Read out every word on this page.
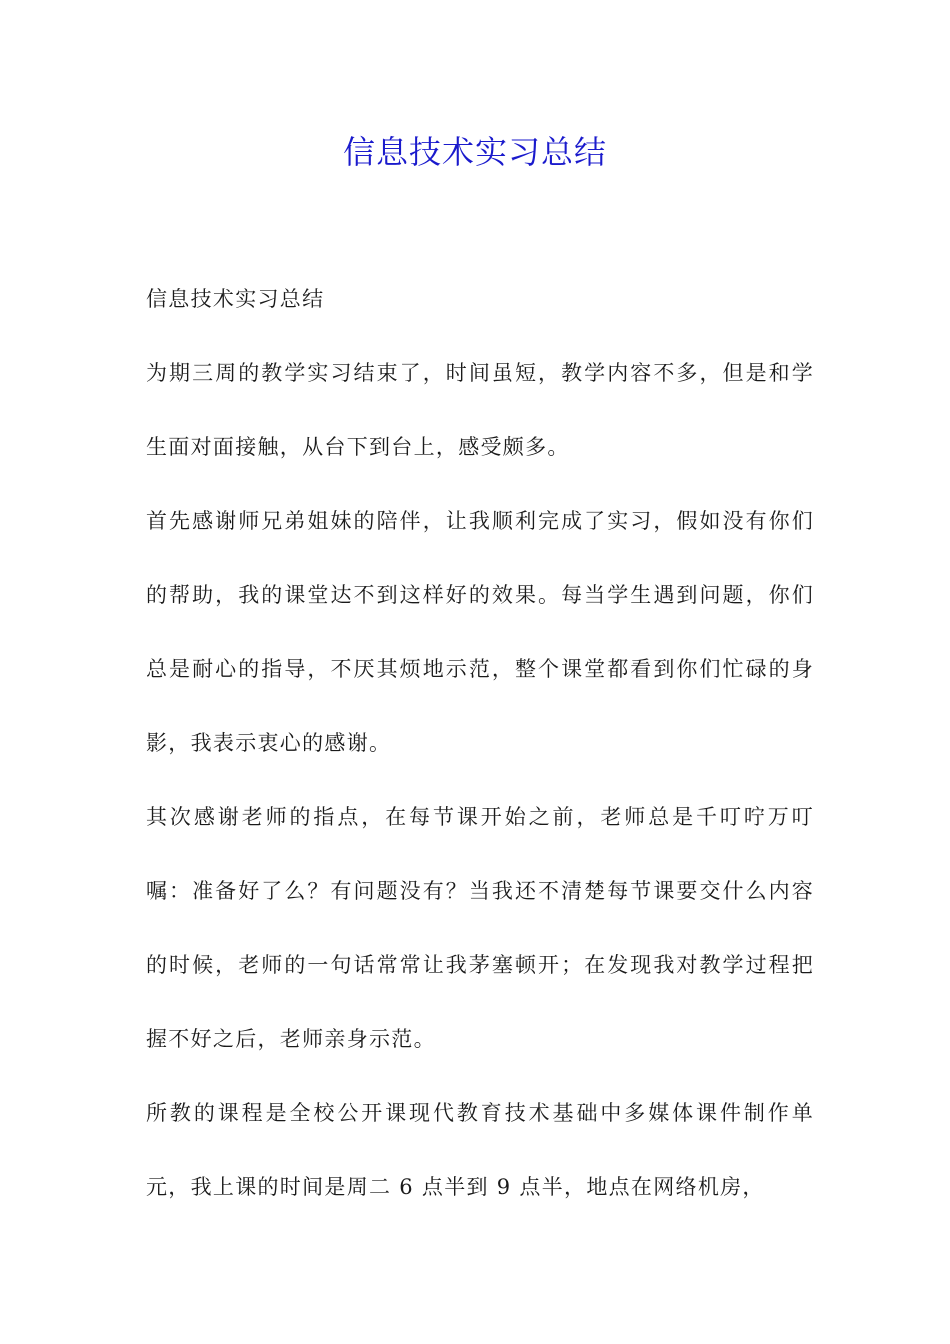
信息技术实习总结

信息技术实习总结

为期三周的教学实习结束了，时间虽短，教学内容不多，但是和学生面对面接触，从台下到台上，感受颇多。

首先感谢师兄弟姐妹的陪伴，让我顺利完成了实习，假如没有你们的帮助，我的课堂达不到这样好的效果。每当学生遇到问题，你们总是耐心的指导，不厌其烦地示范，整个课堂都看到你们忙碌的身影，我表示衷心的感谢。

其次感谢老师的指点，在每节课开始之前，老师总是千叮咛万叮嘱：准备好了么？有问题没有？当我还不清楚每节课要交什么内容的时候，老师的一句话常常让我茅塞顿开；在发现我对教学过程把握不好之后，老师亲身示范。

所教的课程是全校公开课现代教育技术基础中多媒体课件制作单元，我上课的时间是周二 6 点半到 9 点半，地点在网络机房，
